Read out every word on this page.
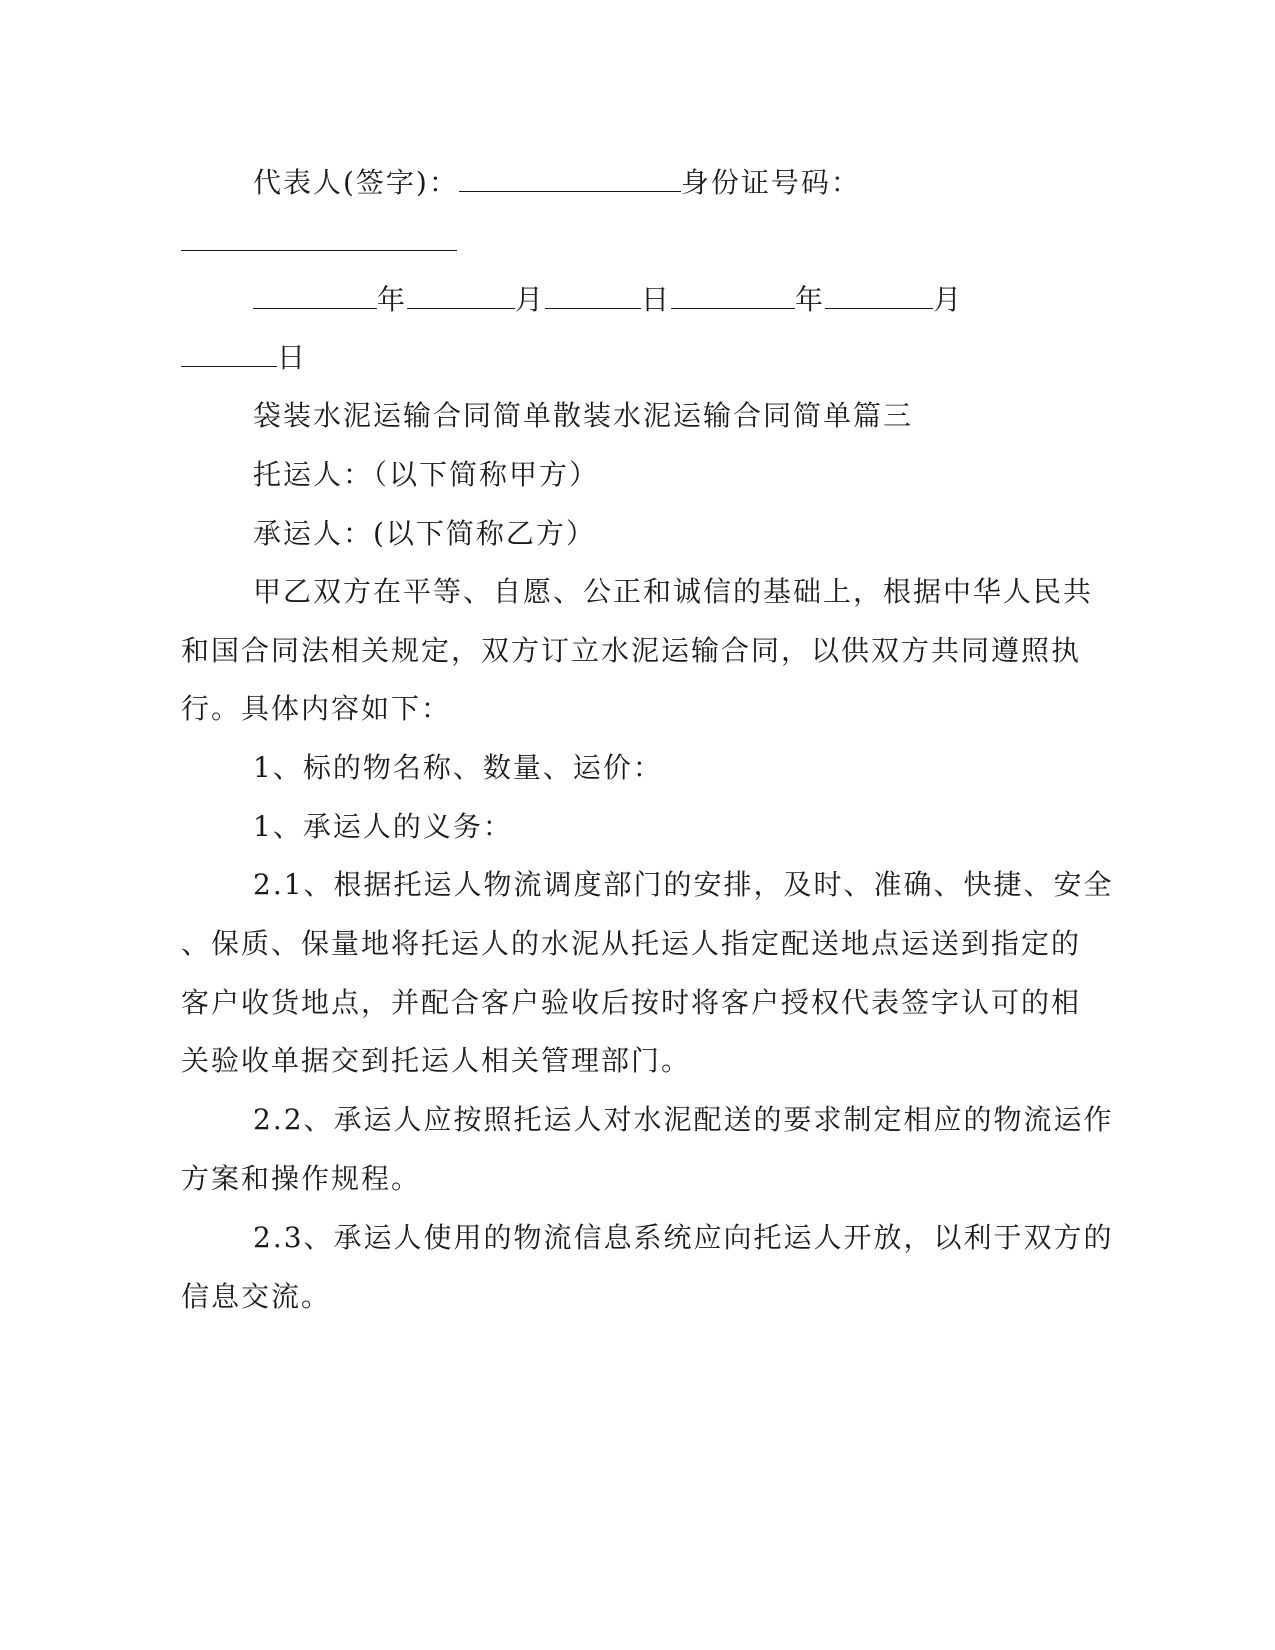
代表人(签字)：	身份证号码：
年	月	日	年	月
日
袋装水泥运输合同简单散装水泥运输合同简单篇三
托运人：（以下简称甲方）
承运人：(以下简称乙方）
甲乙双方在平等、自愿、公正和诚信的基础上，根据中华人民共
和国合同法相关规定，双方订立水泥运输合同，以供双方共同遵照执
行。具体内容如下：
1、标的物名称、数量、运价：
1、承运人的义务：
2.1、根据托运人物流调度部门的安排，及时、准确、快捷、安全
、保质、保量地将托运人的水泥从托运人指定配送地点运送到指定的
客户收货地点，并配合客户验收后按时将客户授权代表签字认可的相
关验收单据交到托运人相关管理部门。
2.2、承运人应按照托运人对水泥配送的要求制定相应的物流运作
方案和操作规程。
2.3、承运人使用的物流信息系统应向托运人开放，以利于双方的
信息交流。
